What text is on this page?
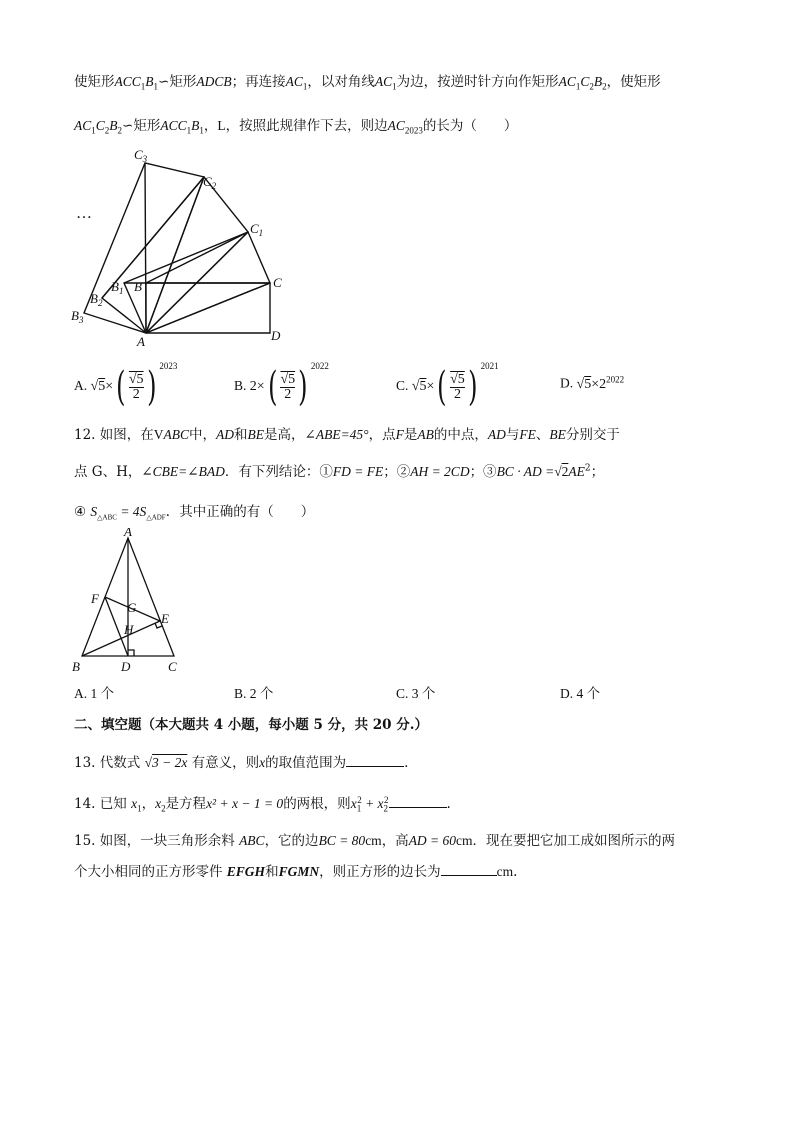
使矩形$ACC_1B_1∽$矩形ADCB；再连接$AC_1$，以对角线$AC_1$为边，按逆时针方向作矩形$AC_1C_2B_2$，使矩形
$AC_1C_2B_2∽$矩形$ACC_1B_1$，L，按照此规律作下去，则边$AC_{2023}$的长为（　　）
$C_3$
$C_2$
$C_1$
C
$B_1$ B
$B_2$
$B_3$
A	D
…
A. $√5\times( \frac{√5}{2})$ $^{2023}$
B. $2\times( \frac{√5}{2})$ $^{2022}$
C. $√5\times( \frac{√5}{2})$ $^{2021}$
D. $√5\times 2^{2022}$
12. 如图，在VABC中，AD和BE是高，∠ABE=45°，点F是AB的中点，AD与FE、BE分别交于
点 G、H，∠CBE=∠BAD．有下列结论：①FD = FE；②AH = 2CD；③BC · AD $=√2AE^2$；
④ $S_{\triangle ABC} = 4S_{\triangle ADF}$．其中正确的有（　　）
A
F
G
E
H
B	D	C
A. 1 个	B. 2 个	C. 3 个	D. 4 个
二、填空题（本大题共 4 小题，每小题 5 分，共 20 分.）
13. 代数式 √3 − 2x 有意义，则x的取值范围为	.
14. 已知 $x_1$，$x_2$是方程x² + x − 1 = 0的两根，则$x_1^2 + x_2^2$	.
15. 如图，一块三角形余料 ABC，它的边BC = 80cm，高AD = 60cm．现在要把它加工成如图所示的两
个大小相同的正方形零件 EFGH和FGMN，则正方形的边长为	cm.
